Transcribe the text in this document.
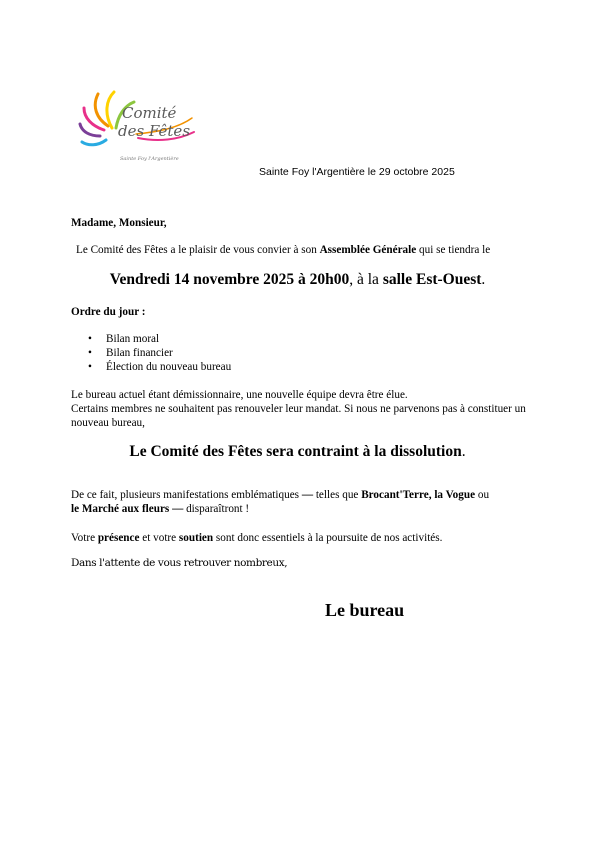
Comité
des Fêtes
Sainte Foy l'Argentière
Sainte Foy l'Argentière le 29 octobre 2025
Madame, Monsieur,
Le Comité des Fêtes a le plaisir de vous convier à son Assemblée Générale qui se tiendra le
Vendredi 14 novembre 2025 à 20h00, à la salle Est-Ouest.
Ordre du jour :
• Bilan moral
• Bilan financier
• Élection du nouveau bureau
Le bureau actuel étant démissionnaire, une nouvelle équipe devra être élue.
Certains membres ne souhaitent pas renouveler leur mandat. Si nous ne parvenons pas à constituer un nouveau bureau,
Le Comité des Fêtes sera contraint à la dissolution.
De ce fait, plusieurs manifestations emblématiques — telles que Brocant'Terre, la Vogue ou
le Marché aux fleurs — disparaîtront !
Votre présence et votre soutien sont donc essentiels à la poursuite de nos activités.
Dans l'attente de vous retrouver nombreux,
Le bureau
